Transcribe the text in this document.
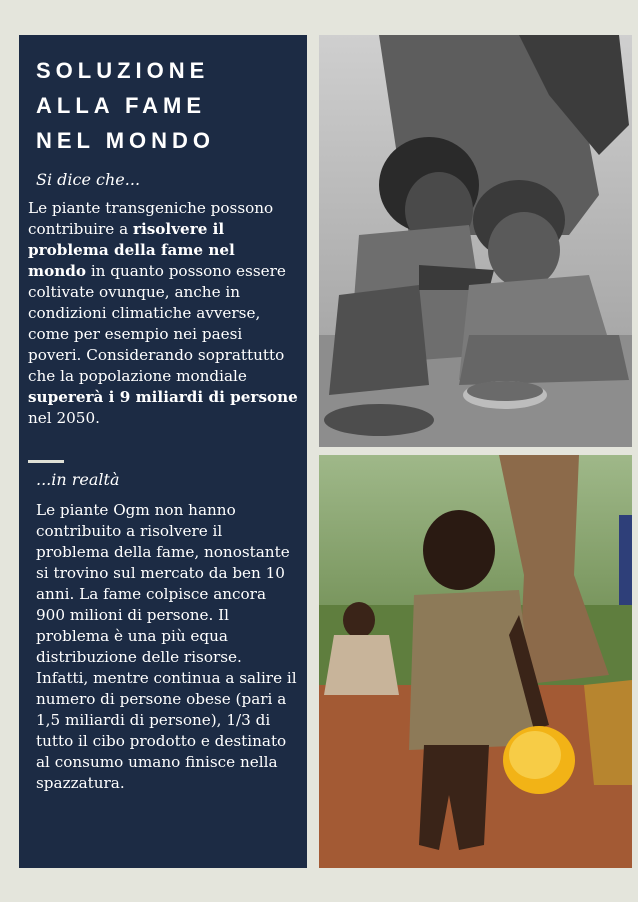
SOLUZIONE
ALLA FAME
NEL MONDO

Si dice che...

Le piante transgeniche possono contribuire a risolvere il problema della fame nel mondo in quanto possono essere coltivate ovunque, anche in condizioni climatiche avverse, come per esempio nei paesi poveri. Considerando soprattutto che la popolazione mondiale supererà i 9 miliardi di persone nel 2050.

...in realtà

Le piante Ogm non hanno contribuito a risolvere il problema della fame, nonostante si trovino sul mercato da ben 10 anni. La fame colpisce ancora 900 milioni di persone. Il problema è una più equa distribuzione delle risorse. Infatti, mentre continua a salire il numero di persone obese (pari a 1,5 miliardi di persone), 1/3 di tutto il cibo prodotto e destinato al consumo umano finisce nella spazzatura.
